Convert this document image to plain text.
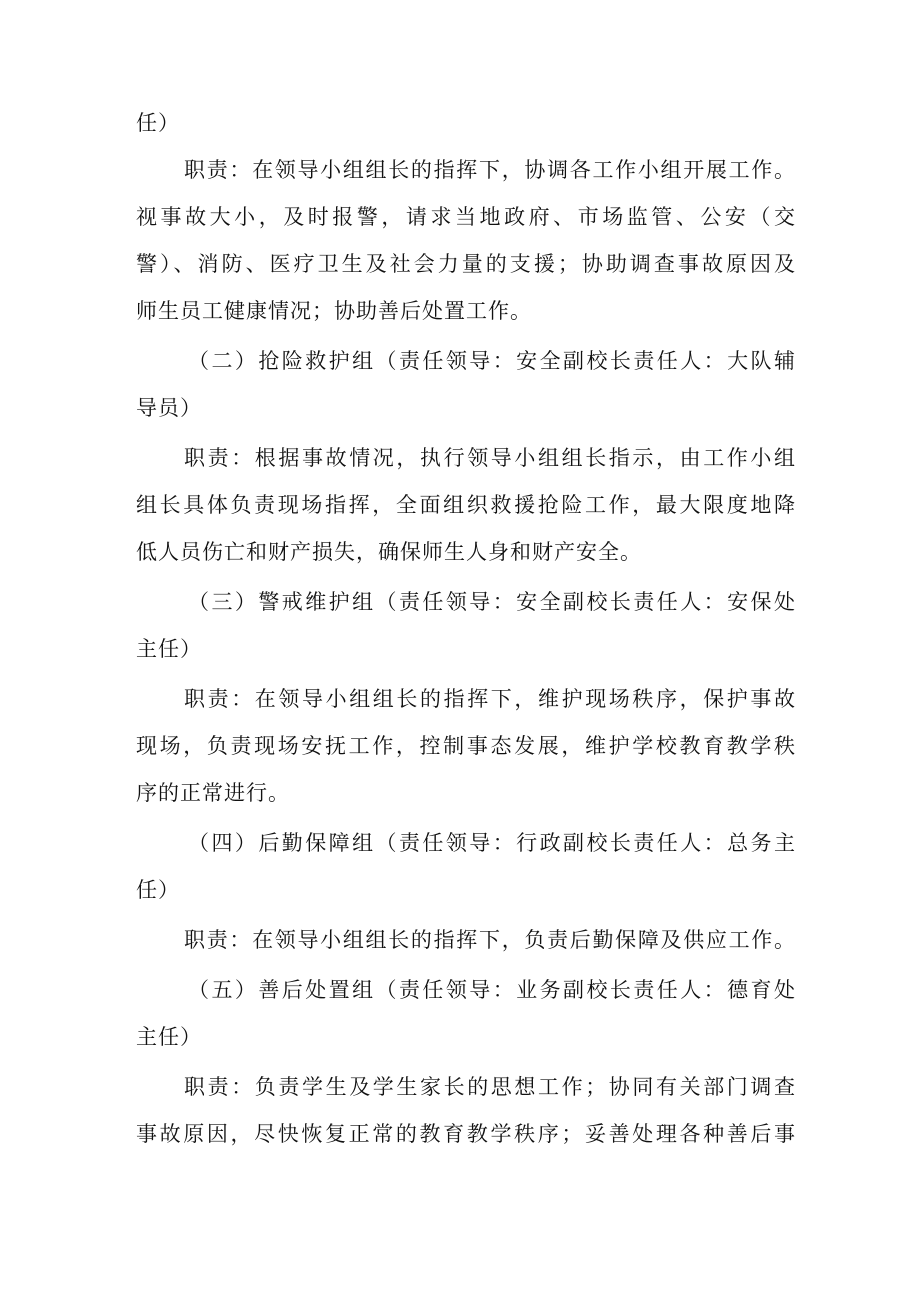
任）
职责：在领导小组组长的指挥下，协调各工作小组开展工作。
视事故大小，及时报警，请求当地政府、市场监管、公安（交
警）、消防、医疗卫生及社会力量的支援；协助调查事故原因及
师生员工健康情况；协助善后处置工作。
（二）抢险救护组（责任领导：安全副校长责任人：大队辅
导员）
职责：根据事故情况，执行领导小组组长指示，由工作小组
组长具体负责现场指挥，全面组织救援抢险工作，最大限度地降
低人员伤亡和财产损失，确保师生人身和财产安全。
（三）警戒维护组（责任领导：安全副校长责任人：安保处
主任）
职责：在领导小组组长的指挥下，维护现场秩序，保护事故
现场，负责现场安抚工作，控制事态发展，维护学校教育教学秩
序的正常进行。
（四）后勤保障组（责任领导：行政副校长责任人：总务主
任）
职责：在领导小组组长的指挥下，负责后勤保障及供应工作。
（五）善后处置组（责任领导：业务副校长责任人：德育处
主任）
职责：负责学生及学生家长的思想工作；协同有关部门调查
事故原因，尽快恢复正常的教育教学秩序；妥善处理各种善后事
